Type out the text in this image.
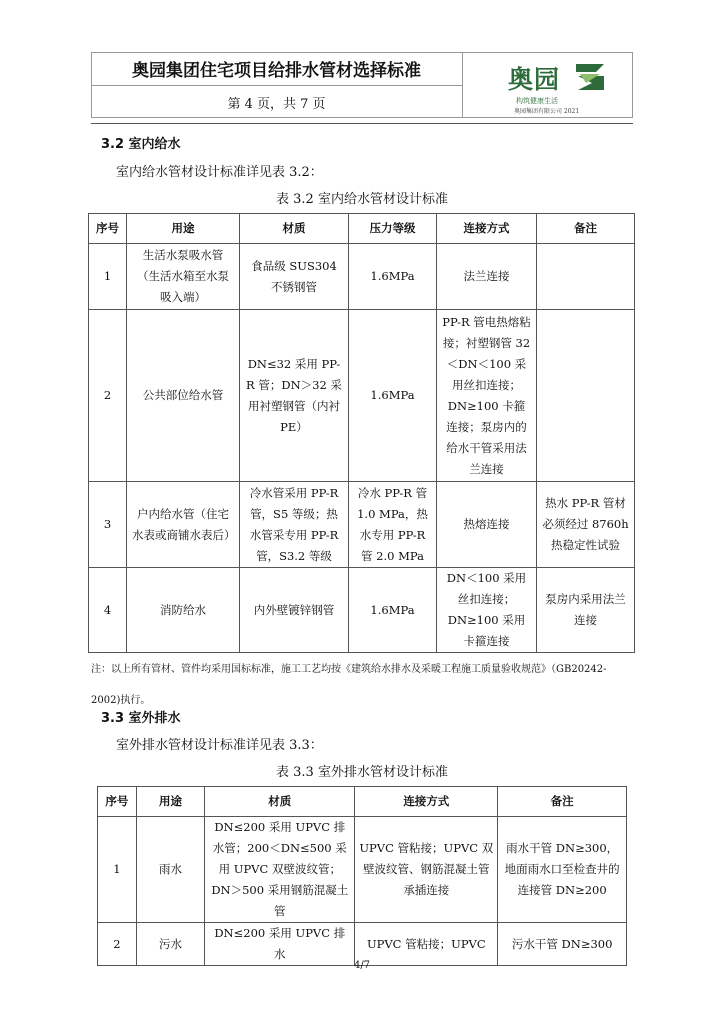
奥园集团住宅项目给排水管材选择标准
第 4 页，共 7 页
奥园
构筑健康生活
奥园集团有限公司 2021
3.2 室内给水
室内给水管材设计标准详见表 3.2：
表 3.2 室内给水管材设计标准
序号	用途	材质	压力等级	连接方式	备注
1	生活水泵吸水管（生活水箱至水泵吸入端）	食品级 SUS304 不锈钢管	1.6MPa	法兰连接	
2	公共部位给水管	DN≤32 采用 PP-R 管；DN＞32 采用衬塑钢管（内衬 PE）	1.6MPa	PP-R 管电热熔粘接；衬塑钢管 32＜DN＜100 采用丝扣连接；DN≥100 卡箍连接；泵房内的给水干管采用法兰连接	
3	户内给水管（住宅水表或商铺水表后）	冷水管采用 PP-R 管，S5 等级；热水管采专用 PP-R 管，S3.2 等级	冷水 PP-R 管 1.0 MPa，热水专用 PP-R 管 2.0 MPa	热熔连接	热水 PP-R 管材必须经过 8760h 热稳定性试验
4	消防给水	内外壁镀锌钢管	1.6MPa	DN＜100 采用丝扣连接；DN≥100 采用卡箍连接	泵房内采用法兰连接
注：以上所有管材、管件均采用国标标准，施工工艺均按《建筑给水排水及采暖工程施工质量验收规范》（GB20242-2002)执行。
3.3 室外排水
室外排水管材设计标准详见表 3.3：
表 3.3 室外排水管材设计标准
序号	用途	材质	连接方式	备注
1	雨水	DN≤200 采用 UPVC 排水管；200＜DN≤500 采用 UPVC 双壁波纹管；DN＞500 采用钢筋混凝土管	UPVC 管粘接；UPVC 双壁波纹管、钢筋混凝土管承插连接	雨水干管 DN≥300，地面雨水口至检查井的连接管 DN≥200
2	污水	DN≤200 采用 UPVC 排水	UPVC 管粘接；UPVC	污水干管 DN≥300
4/7
